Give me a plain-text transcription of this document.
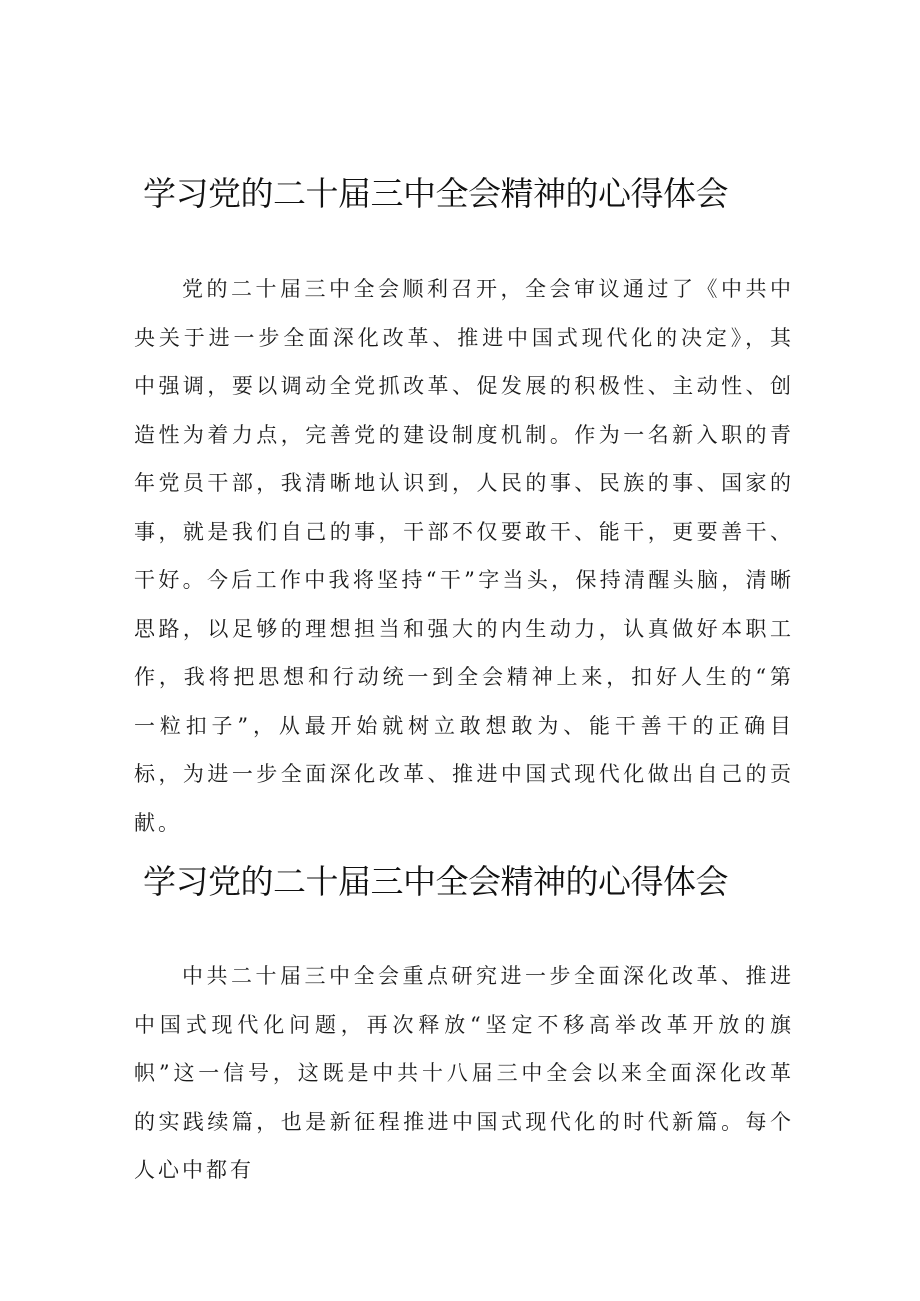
学习党的二十届三中全会精神的心得体会

党的二十届三中全会顺利召开，全会审议通过了《中共中央关于进一步全面深化改革、推进中国式现代化的决定》，其中强调，要以调动全党抓改革、促发展的积极性、主动性、创造性为着力点，完善党的建设制度机制。作为一名新入职的青年党员干部，我清晰地认识到，人民的事、民族的事、国家的事，就是我们自己的事，干部不仅要敢干、能干，更要善干、干好。今后工作中我将坚持“干”字当头，保持清醒头脑，清晰思路，以足够的理想担当和强大的内生动力，认真做好本职工作，我将把思想和行动统一到全会精神上来，扣好人生的“第一粒扣子”，从最开始就树立敢想敢为、能干善干的正确目标，为进一步全面深化改革、推进中国式现代化做出自己的贡献。

学习党的二十届三中全会精神的心得体会

中共二十届三中全会重点研究进一步全面深化改革、推进中国式现代化问题，再次释放“坚定不移高举改革开放的旗帜”这一信号，这既是中共十八届三中全会以来全面深化改革的实践续篇，也是新征程推进中国式现代化的时代新篇。每个人心中都有
